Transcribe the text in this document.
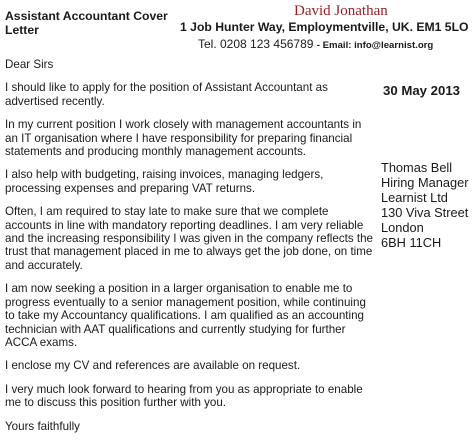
Assistant Accountant Cover Letter
David Jonathan
1 Job Hunter Way, Employmentville, UK. EM1 5LO
Tel. 0208 123 456789 - Email: info@learnist.org

Dear Sirs

I should like to apply for the position of Assistant Accountant as advertised recently.

In my current position I work closely with management accountants in an IT organisation where I have responsibility for preparing financial statements and producing monthly management accounts.

I also help with budgeting, raising invoices, managing ledgers, processing expenses and preparing VAT returns.

Often, I am required to stay late to make sure that we complete accounts in line with mandatory reporting deadlines. I am very reliable and the increasing responsibility I was given in the company reflects the trust that management placed in me to always get the job done, on time and accurately.

I am now seeking a position in a larger organisation to enable me to progress eventually to a senior management position, while continuing to take my Accountancy qualifications. I am qualified as an accounting technician with AAT qualifications and currently studying for further ACCA exams.

I enclose my CV and references are available on request.

I very much look forward to hearing from you as appropriate to enable me to discuss this position further with you.

Yours faithfully

30 May 2013
Thomas Bell
Hiring Manager
Learnist Ltd
130 Viva Street
London
6BH 11CH
